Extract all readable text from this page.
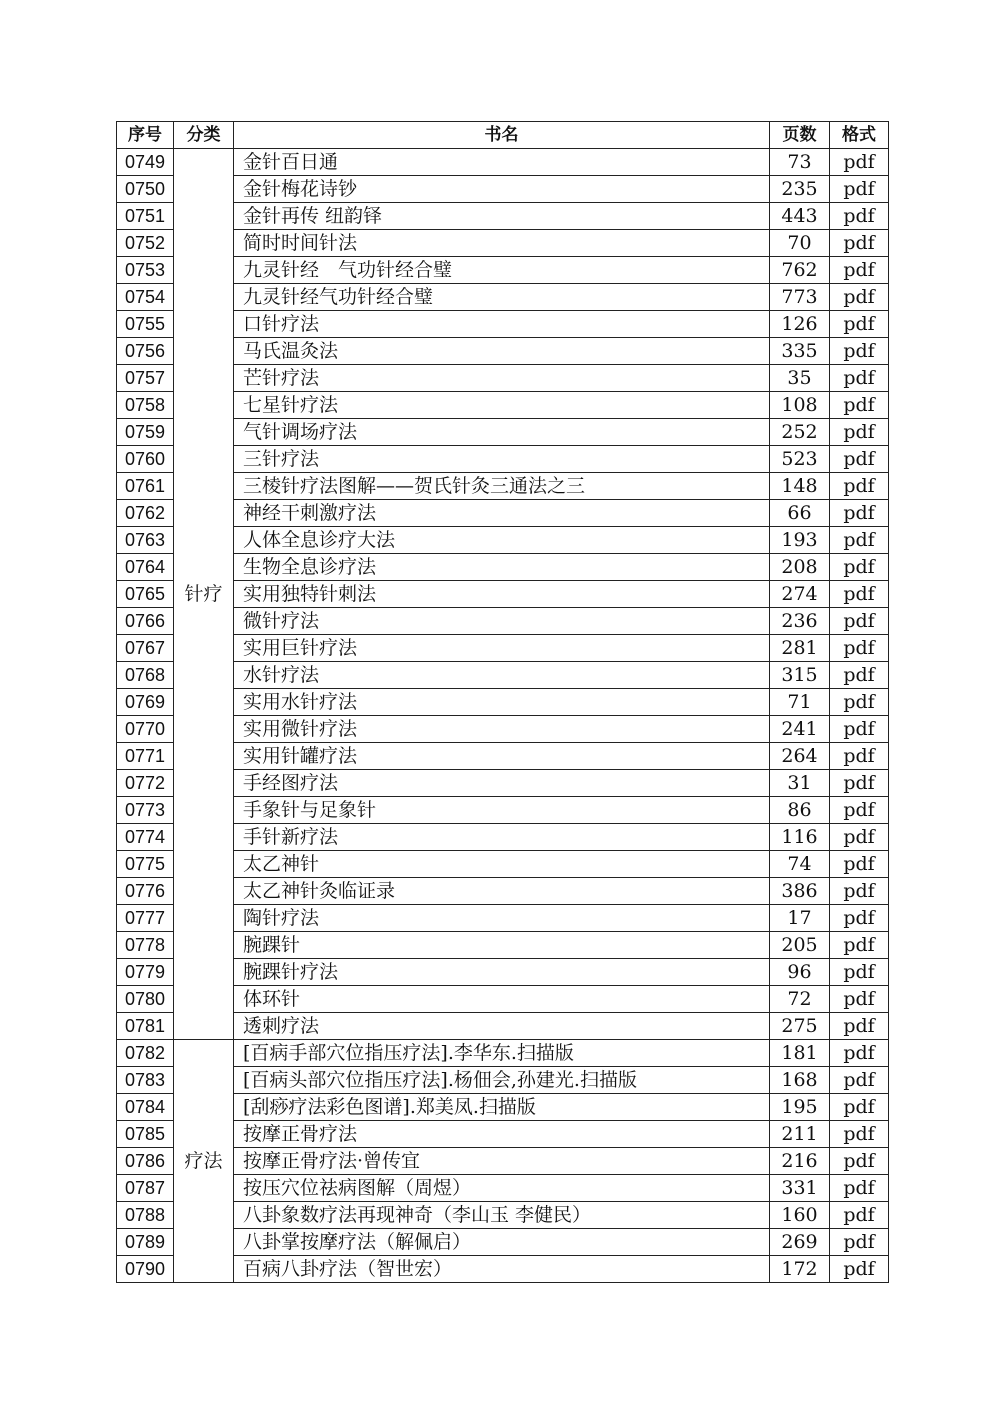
序号	分类	书名	页数	格式
0749	针疗	金针百日通	73	pdf
0750		金针梅花诗钞	235	pdf
0751		金针再传 纽韵铎	443	pdf
0752		简时时间针法	70	pdf
0753		九灵针经　气功针经合璧	762	pdf
0754		九灵针经气功针经合璧	773	pdf
0755		口针疗法	126	pdf
0756		马氏温灸法	335	pdf
0757		芒针疗法	35	pdf
0758		七星针疗法	108	pdf
0759		气针调场疗法	252	pdf
0760		三针疗法	523	pdf
0761		三棱针疗法图解——贺氏针灸三通法之三	148	pdf
0762		神经干刺激疗法	66	pdf
0763		人体全息诊疗大法	193	pdf
0764		生物全息诊疗法	208	pdf
0765		实用独特针刺法	274	pdf
0766		微针疗法	236	pdf
0767		实用巨针疗法	281	pdf
0768		水针疗法	315	pdf
0769		实用水针疗法	71	pdf
0770		实用微针疗法	241	pdf
0771		实用针罐疗法	264	pdf
0772		手经图疗法	31	pdf
0773		手象针与足象针	86	pdf
0774		手针新疗法	116	pdf
0775		太乙神针	74	pdf
0776		太乙神针灸临证录	386	pdf
0777		陶针疗法	17	pdf
0778		腕踝针	205	pdf
0779		腕踝针疗法	96	pdf
0780		体环针	72	pdf
0781		透刺疗法	275	pdf
0782	疗法	[百病手部穴位指压疗法].李华东.扫描版	181	pdf
0783		[百病头部穴位指压疗法].杨佃会,孙建光.扫描版	168	pdf
0784		[刮痧疗法彩色图谱].郑美凤.扫描版	195	pdf
0785		按摩正骨疗法	211	pdf
0786		按摩正骨疗法·曾传宜	216	pdf
0787		按压穴位祛病图解（周煜）	331	pdf
0788		八卦象数疗法再现神奇（李山玉 李健民）	160	pdf
0789		八卦掌按摩疗法（解佩启）	269	pdf
0790		百病八卦疗法（智世宏）	172	pdf
